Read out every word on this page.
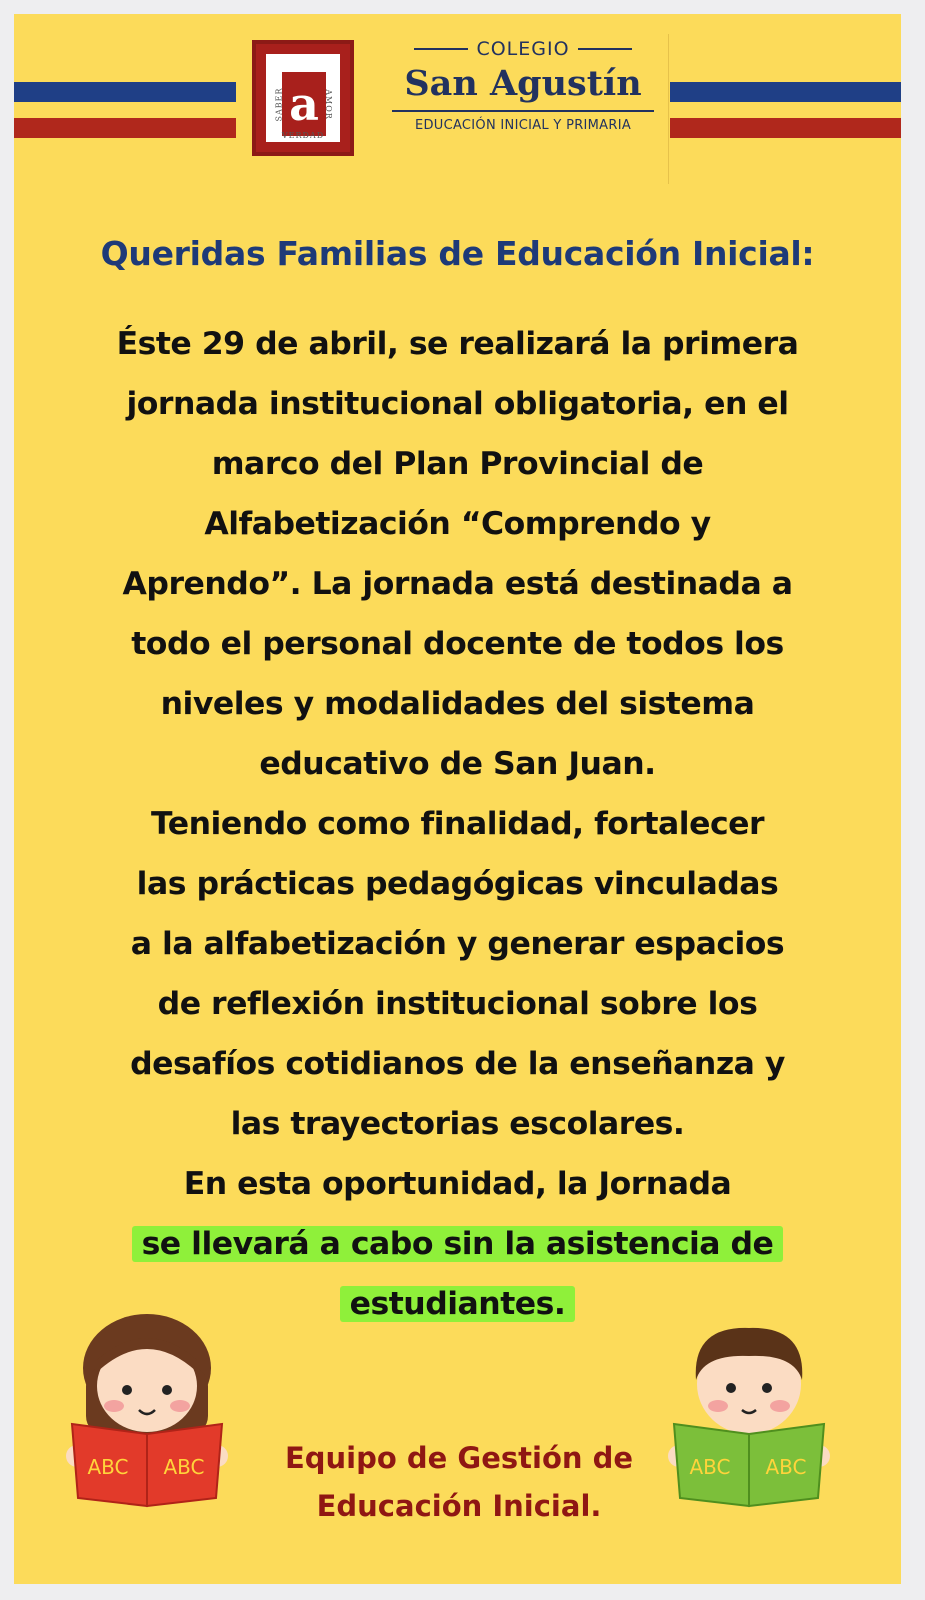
a
SABER	AMOR
VERDAD
COLEGIO
San Agustín
EDUCACIÓN INICIAL Y PRIMARIA
Queridas Familias de Educación Inicial:
Éste 29 de abril, se realizará la primera
jornada institucional obligatoria, en el
marco del Plan Provincial de
Alfabetización “Comprendo y
Aprendo”. La jornada está destinada a
todo el personal docente de todos los
niveles y modalidades del sistema
educativo de San Juan.
Teniendo como finalidad, fortalecer
las prácticas pedagógicas vinculadas
a la alfabetización y generar espacios
de reflexión institucional sobre los
desafíos cotidianos de la enseñanza y
las trayectorias escolares.
En esta oportunidad, la Jornada
se llevará a cabo sin la asistencia de
estudiantes.
Equipo de Gestión de
Educación Inicial.
ABC ABC	ABC ABC
